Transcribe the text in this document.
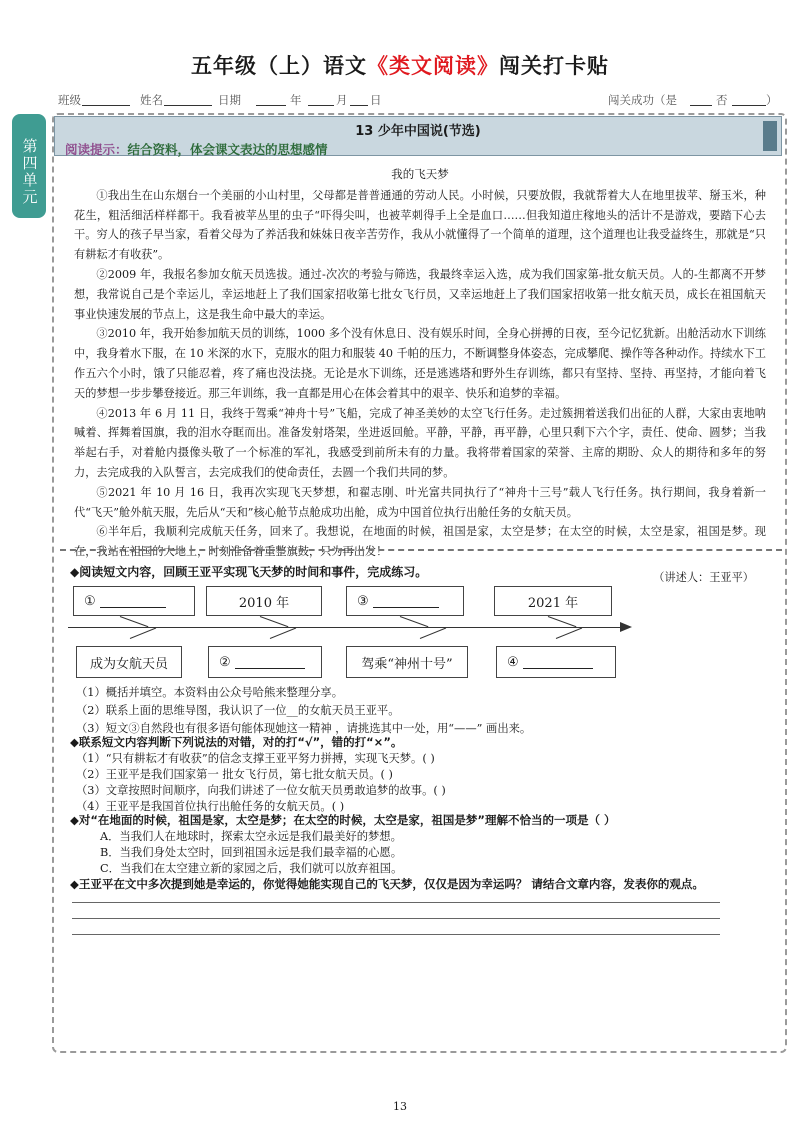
五年级（上）语文《类文阅读》闯关打卡贴
班级	姓名	日期	年	月 日	闯关成功（是	否	）
第四单元
13 少年中国说(节选)
阅读提示：结合资料，体会课文表达的思想感情
我的飞天梦

①我出生在山东烟台一个美丽的小山村里，父母都是普普通通的劳动人民。小时候，只要放假，我就帮着大人在地里拔苹、掰玉米，种花生，粗活细活样样都干。我看被苹丛里的虫子“吓得尖叫，也被苹刺得手上全是血口……但我知道庄稼地头的活计不是游戏，要踏下心去干。穷人的孩子早当家，看着父母为了养活我和妹妹日夜辛苦劳作，我从小就懂得了一个简单的道理，这个道理也让我受益终生，那就是“只有耕耘才有收获”。

②2009 年，我报名参加女航天员选拔。通过-次次的考验与筛选，我最终幸运入选，成为我们国家第-批女航天员。人的-生都离不开梦想，我常说自己是个幸运儿，幸运地赶上了我们国家招收第七批女飞行员，又幸运地赶上了我们国家招收第一批女航天员，成长在祖国航天事业快速发展的节点上，这是我生命中最大的幸运。

③2010 年，我开始参加航天员的训练，1000 多个没有休息日、没有娱乐时间，全身心拼搏的日夜，至今记忆犹新。出舱活动水下训练中，我身着水下服，在 10 米深的水下，克服水的阻力和服装 40 千帕的压力，不断调整身体姿态，完成攀爬、操作等各种动作。持续水下工作五六个小时，饿了只能忍着，疼了痛也没法挠。无论是水下训练，还是逃逃塔和野外生存训练，都只有坚持、坚持、再坚持，才能向着飞天的梦想一步步攀登接近。那三年训练，我一直都是用心在体会着其中的艰辛、快乐和追梦的幸福。

④2013 年 6 月 11 日，我终于驾乘“神舟十号”飞船，完成了神圣美妙的太空飞行任务。走过簇拥着送我们出征的人群，大家由衷地呐喊着、挥舞着国旗，我的泪水夺眶而出。准备发射塔架，坐进返回舱。平静，平静，再平静，心里只剩下六个字，责任、使命、圆梦；当我举起右手，对着舱内摄像头敬了一个标准的军礼，我感受到前所未有的力量。我将带着国家的荣誉、主席的期盼、众人的期待和多年的努力，去完成我的入队誓言，去完成我们的使命责任，去圆一个我们共同的梦。

⑤2021 年 10 月 16 日，我再次实现飞天梦想，和翟志刚、叶光富共同执行了“神舟十三号”载人飞行任务。执行期间，我身着新一代“飞天”舱外航天服，先后从“天和”核心舱节点舱成功出舱，成为中国首位执行出舱任务的女航天员。

⑥半年后，我顺利完成航天任务，回来了。我想说，在地面的时候，祖国是家，太空是梦；在太空的时候，太空是家，祖国是梦。现在，我站在祖国的大地上，时刻准备着重整旗鼓，只为再出发！

（讲述人：王亚平）
◆阅读短文内容，回顾王亚平实现飞天梦的时间和事件，完成练习。
①	2010 年	③	2021 年
成为女航天员	②	驾乘“神州十号”	④
（1）概括并填空。本资料由公众号哈熊来整理分享。
（2）联系上面的思维导图，我认识了一位__的女航天员王亚平。
（3）短文③自然段也有很多语句能体现她这一精神 ，请挑选其中一处，用“——” 画出来。
◆联系短文内容判断下列说法的对错，对的打“√”，错的打“×”。
（1）“只有耕耘才有收获”的信念支撑王亚平努力拼搏，实现飞天梦。( )
（2）王亚平是我们国家第一 批女飞行员，第七批女航天员。( )
（3）文章按照时间顺序，向我们讲述了一位女航天员勇敢追梦的故事。( )
（4）王亚平是我国首位执行出舱任务的女航天员。( )
◆对“在地面的时候，祖国是家，太空是梦；在太空的时候，太空是家，祖国是梦”理解不恰当的一项是（ ）
A．当我们人在地球时，探索太空永远是我们最美好的梦想。
B．当我们身处太空时，回到祖国永远是我们最幸福的心愿。
C．当我们在太空建立新的家园之后，我们就可以放弃祖国。
◆王亚平在文中多次提到她是幸运的，你觉得她能实现自己的飞天梦，仅仅是因为幸运吗？ 请结合文章内容，发表你的观点。
13
